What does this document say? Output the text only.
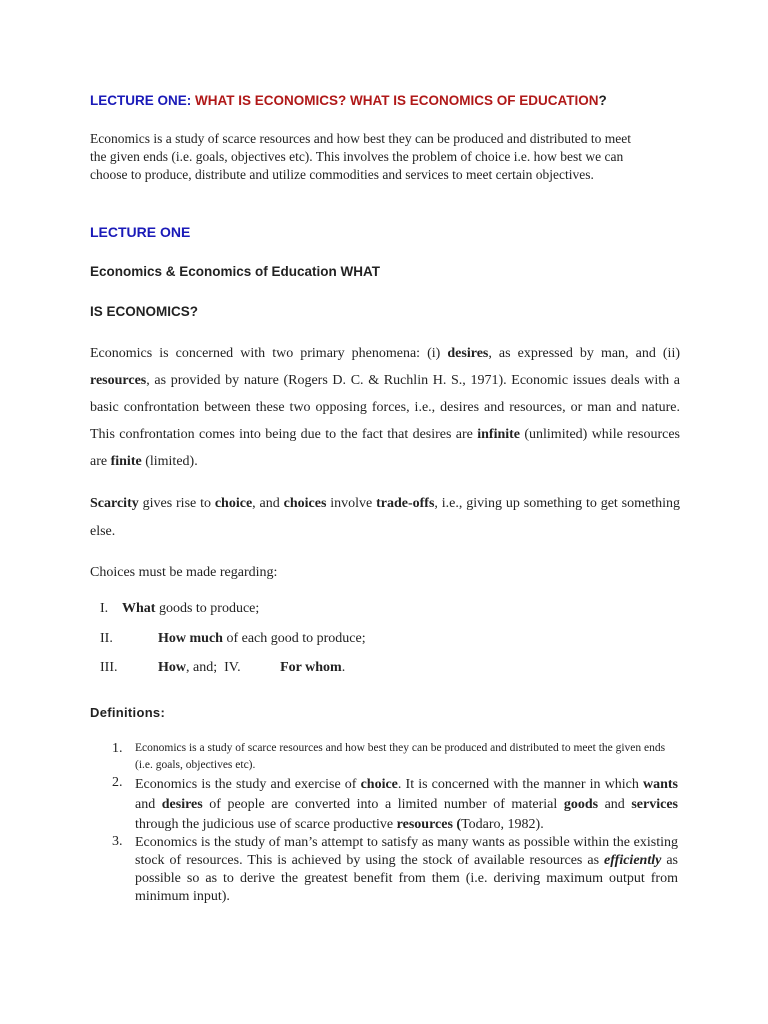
LECTURE ONE: WHAT IS ECONOMICS? WHAT IS ECONOMICS OF EDUCATION?
Economics is a study of scarce resources and how best they can be produced and distributed to meet the given ends (i.e. goals, objectives etc). This involves the problem of choice i.e. how best we can choose to produce, distribute and utilize commodities and services to meet certain objectives.
LECTURE ONE
Economics & Economics of Education WHAT
IS ECONOMICS?
Economics is concerned with two primary phenomena: (i) desires, as expressed by man, and (ii) resources, as provided by nature (Rogers D. C. & Ruchlin H. S., 1971). Economic issues deals with a basic confrontation between these two opposing forces, i.e., desires and resources, or man and nature. This confrontation comes into being due to the fact that desires are infinite (unlimited) while resources are finite (limited).
Scarcity gives rise to choice, and choices involve trade-offs, i.e., giving up something to get something else.
Choices must be made regarding:
I. What goods to produce;
II.	How much of each good to produce;
III.	How, and; IV.	For whom.
Definitions:
1. Economics is a study of scarce resources and how best they can be produced and distributed to meet the given ends (i.e. goals, objectives etc).
2. Economics is the study and exercise of choice. It is concerned with the manner in which wants and desires of people are converted into a limited number of material goods and services through the judicious use of scarce productive resources (Todaro, 1982).
3. Economics is the study of man’s attempt to satisfy as many wants as possible within the existing stock of resources. This is achieved by using the stock of available resources as efficiently as possible so as to derive the greatest benefit from them (i.e. deriving maximum output from minimum input).
